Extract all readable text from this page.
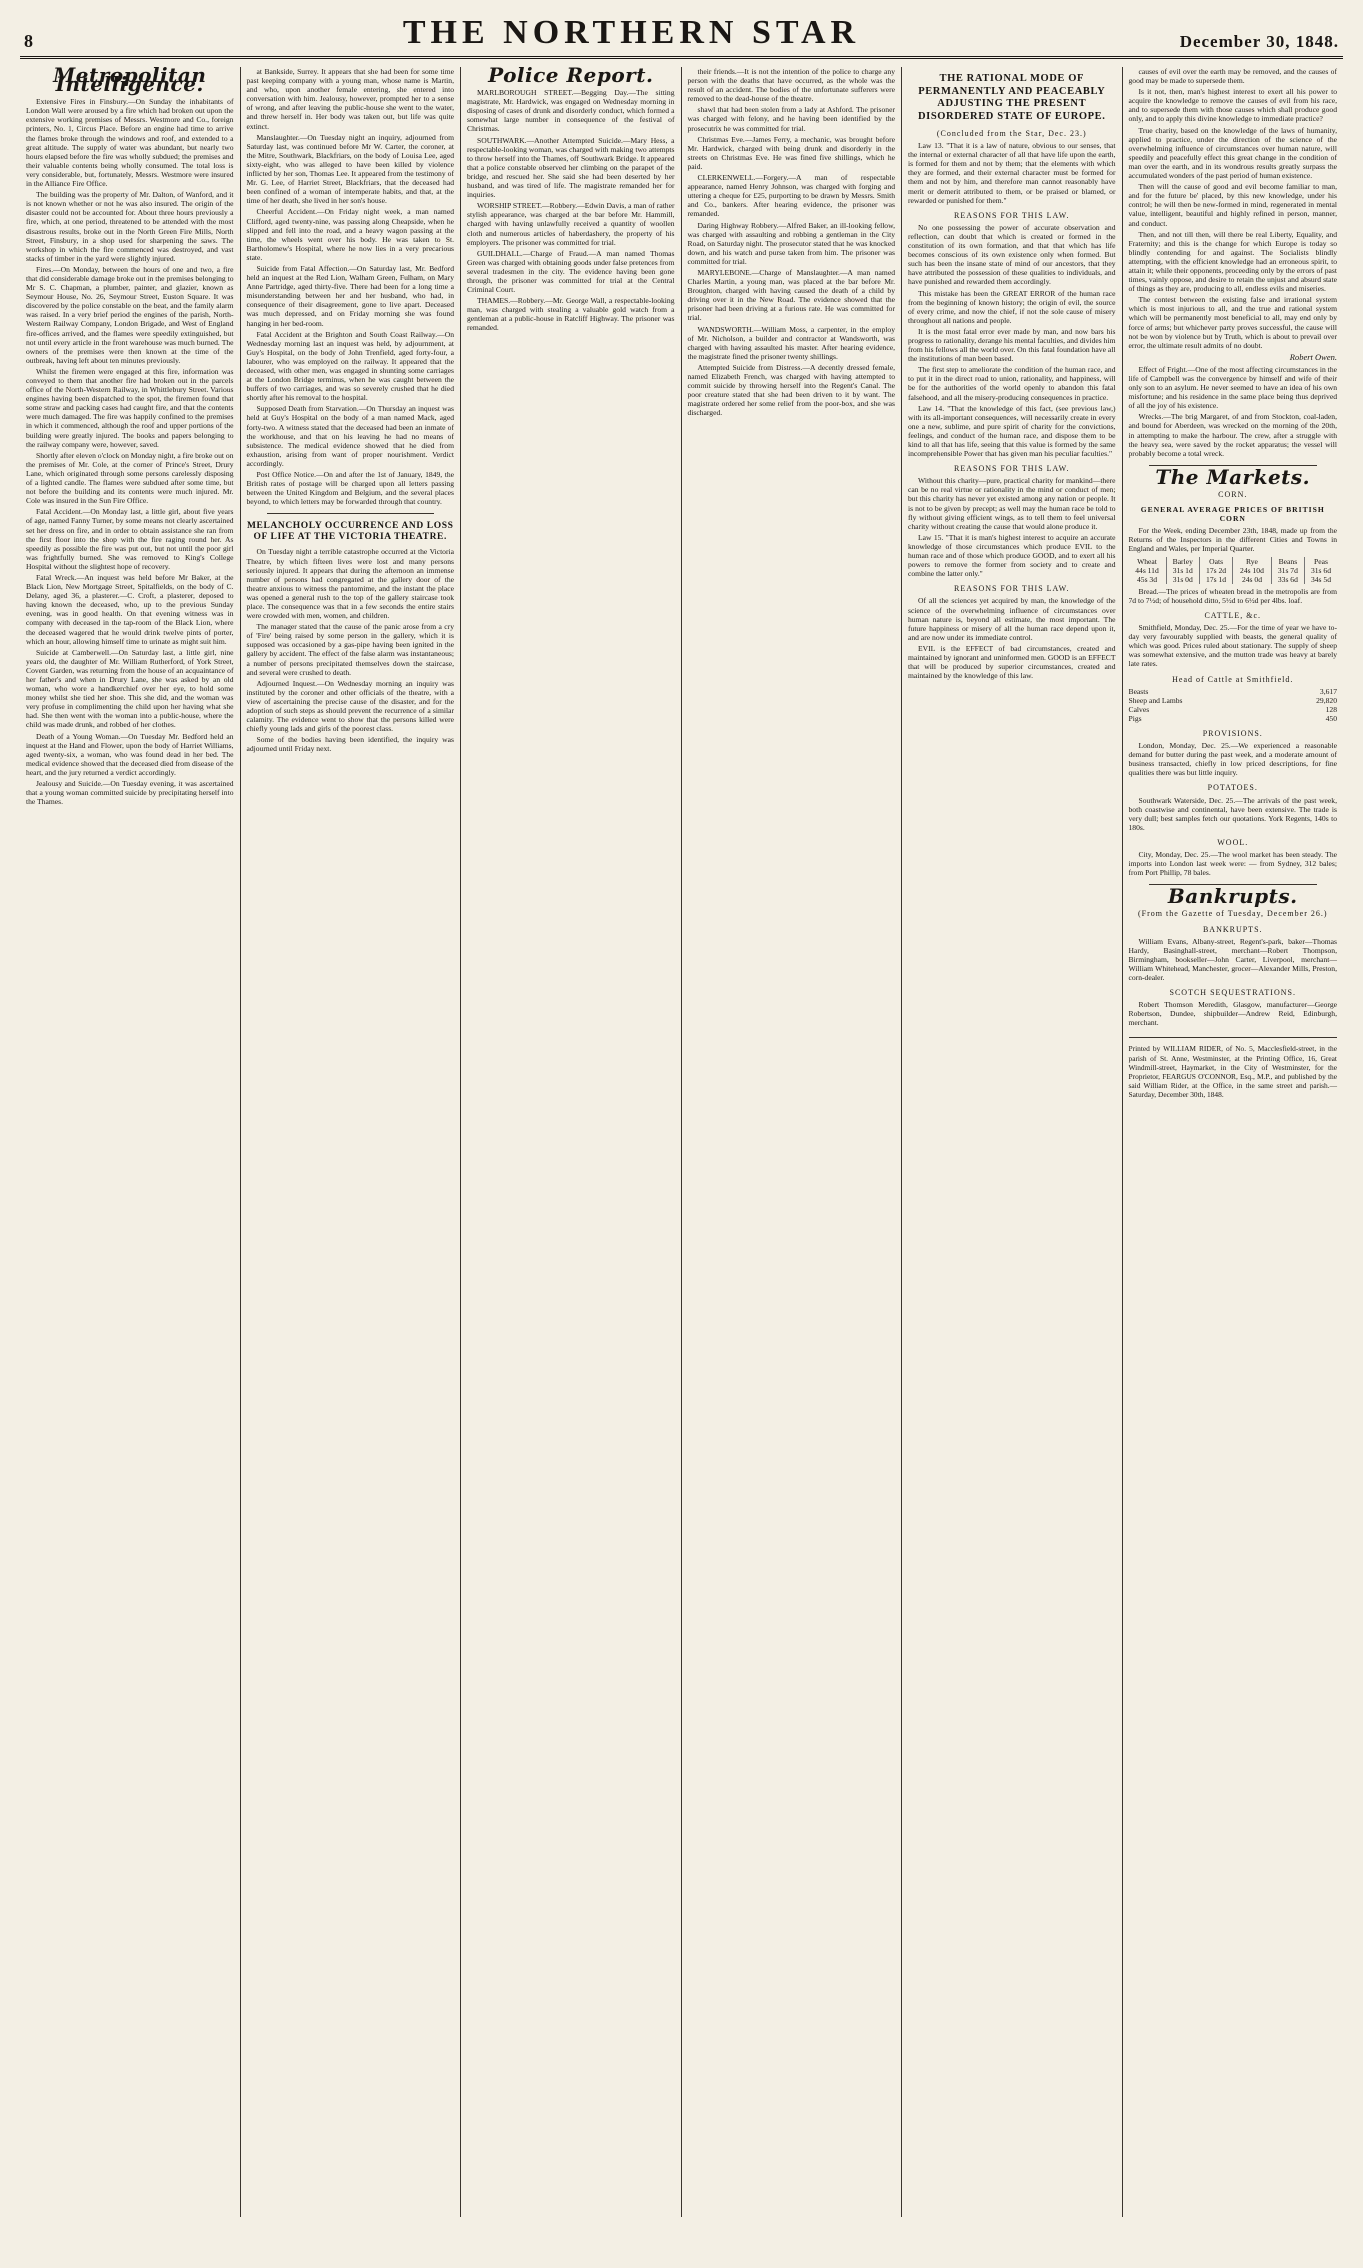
8	THE NORTHERN STAR	December 30, 1848.
Metropolitan Intelligence.

Extensive Fires in Finsbury.—On Sunday the inhabitants of London Wall were aroused by a fire which had broken out upon the extensive working premises of Messrs. Westmore and Co., foreign printers, No. 1, Circus Place. Before an engine had time to arrive the flames broke through the windows and roof, and extended to a great altitude. The supply of water was abundant, but nearly two hours elapsed before the fire was wholly subdued; the premises and their valuable contents being wholly consumed. The total loss is very considerable, but, fortunately, Messrs. Westmore were insured in the Alliance Fire Office.

The building was the property of Mr. Dalton, of Wanford, and it is not known whether or not he was also insured. The origin of the disaster could not be accounted for. About three hours previously a fire, which, at one period, threatened to be attended with the most disastrous results, broke out in the North Green Fire Mills, North Street, Finsbury, in a shop used for sharpening the saws. The workshop in which the fire commenced was destroyed, and vast stacks of timber in the yard were slightly injured.

Fires.—On Monday, between the hours of one and two, a fire that did considerable damage broke out in the premises belonging to Mr S. C. Chapman, a plumber, painter, and glazier, known as Seymour House, No. 26, Seymour Street, Euston Square. It was discovered by the police constable on the beat, and the family alarm was raised. In a very brief period the engines of the parish, North-Western Railway Company, London Brigade, and West of England fire-offices arrived, and the flames were speedily extinguished, but not until every article in the front warehouse was much burned. The owners of the premises were then known at the time of the outbreak, having left about ten minutes previously.

Whilst the firemen were engaged at this fire, information was conveyed to them that another fire had broken out in the parcels office of the North-Western Railway, in Whittlebury Street. Various engines having been dispatched to the spot, the firemen found that some straw and packing cases had caught fire, and that the contents were much damaged. The fire was happily confined to the premises in which it commenced, although the roof and upper portions of the building were greatly injured. The books and papers belonging to the railway company were, however, saved.

Shortly after eleven o'clock on Monday night, a fire broke out on the premises of Mr. Cole, at the corner of Prince's Street, Drury Lane, which originated through some persons carelessly disposing of a lighted candle. The flames were subdued after some time, but not before the building and its contents were much injured. Mr. Cole was insured in the Sun Fire Office.

Fatal Accident.—On Monday last, a little girl, about five years of age, named Fanny Turner, by some means not clearly ascertained set her dress on fire, and in order to obtain assistance she ran from the first floor into the shop with the fire raging round her. As speedily as possible the fire was put out, but not until the poor girl was frightfully burned. She was removed to King's College Hospital without the slightest hope of recovery.

Fatal Wreck.—An inquest was held before Mr Baker, at the Black Lion, New Mortgage Street, Spitalfields, on the body of C. Delany, aged 36, a plasterer.—C. Croft, a plasterer, deposed to having known the deceased, who, up to the previous Sunday evening, was in good health. On that evening witness was in company with deceased in the tap-room of the Black Lion, where the deceased wagered that he would drink twelve pints of porter, which an hour, allowing himself time to urinate as might suit him.

Suicide at Camberwell.—On Saturday last, a little girl, nine years old, the daughter of Mr. William Rutherford, of York Street, Covent Garden, was returning from the house of an acquaintance of her father's and when in Drury Lane, she was asked by an old woman, who wore a handkerchief over her eye, to hold some money whilst she tied her shoe. This she did, and the woman was very profuse in complimenting the child upon her having what she had. She then went with the woman into a public-house, where the child was made drunk, and robbed of her clothes.

Death of a Young Woman.—On Tuesday Mr. Bedford held an inquest at the Hand and Flower, upon the body of Harriet Williams, aged twenty-six, a woman, who was found dead in her bed. The medical evidence showed that the deceased died from disease of the heart, and the jury returned a verdict accordingly.

Jealousy and Suicide.—On Tuesday evening, it was ascertained that a young woman committed suicide by precipitating herself into the Thames.

at Bankside, Surrey. It appears that she had been for some time past keeping company with a young man, whose name is Martin, and who, upon another female entering, she entered into conversation with him. Jealousy, however, prompted her to a sense of wrong, and after leaving the public-house she went to the water, and threw herself in. Her body was taken out, but life was quite extinct.

Manslaughter.—On Tuesday night an inquiry, adjourned from Saturday last, was continued before Mr W. Carter, the coroner, at the Mitre, Southwark, Blackfriars, on the body of Louisa Lee, aged sixty-eight, who was alleged to have been killed by violence inflicted by her son, Thomas Lee. It appeared from the testimony of Mr. G. Lee, of Harriet Street, Blackfriars, that the deceased had been confined of a woman of intemperate habits, and that, at the time of her death, she lived in her son's house.

Cheerful Accident.—On Friday night week, a man named Clifford, aged twenty-nine, was passing along Cheapside, when he slipped and fell into the road, and a heavy wagon passing at the time, the wheels went over his body. He was taken to St. Bartholomew's Hospital, where he now lies in a very precarious state.

Suicide from Fatal Affection.—On Saturday last, Mr. Bedford held an inquest at the Red Lion, Walham Green, Fulham, on Mary Anne Partridge, aged thirty-five. There had been for a long time a misunderstanding between her and her husband, who had, in consequence of their disagreement, gone to live apart. Deceased was much depressed, and on Friday morning she was found hanging in her bed-room.

Fatal Accident at the Brighton and South Coast Railway.—On Wednesday morning last an inquest was held, by adjournment, at Guy's Hospital, on the body of John Trenfield, aged forty-four, a labourer, who was employed on the railway. It appeared that the deceased, with other men, was engaged in shunting some carriages at the London Bridge terminus, when he was caught between the buffers of two carriages, and was so severely crushed that he died shortly after his removal to the hospital.

Supposed Death from Starvation.—On Thursday an inquest was held at Guy's Hospital on the body of a man named Mack, aged forty-two. A witness stated that the deceased had been an inmate of the workhouse, and that on his leaving he had no means of subsistence. The medical evidence showed that he died from exhaustion, arising from want of proper nourishment. Verdict accordingly.

Post Office Notice.—On and after the 1st of January, 1849, the British rates of postage will be charged upon all letters passing between the United Kingdom and Belgium, and the several places beyond, to which letters may be forwarded through that country.

MELANCHOLY OCCURRENCE AND LOSS OF LIFE AT THE VICTORIA THEATRE.

On Tuesday night a terrible catastrophe occurred at the Victoria Theatre, by which fifteen lives were lost and many persons seriously injured. It appears that during the afternoon an immense number of persons had congregated at the gallery door of the theatre anxious to witness the pantomime, and the instant the place was opened a general rush to the top of the gallery staircase took place. The consequence was that in a few seconds the entire stairs were crowded with men, women, and children.

The manager stated that the cause of the panic arose from a cry of 'Fire' being raised by some person in the gallery, which it is supposed was occasioned by a gas-pipe having been ignited in the gallery by accident. The effect of the false alarm was instantaneous; a number of persons precipitated themselves down the staircase, and several were crushed to death.

Adjourned Inquest.—On Wednesday morning an inquiry was instituted by the coroner and other officials of the theatre, with a view of ascertaining the precise cause of the disaster, and for the adoption of such steps as should prevent the recurrence of a similar calamity. The evidence went to show that the persons killed were chiefly young lads and girls of the poorest class.

Some of the bodies having been identified, the inquiry was adjourned until Friday next.

Police Report.

MARLBOROUGH STREET.—Begging Day.—The sitting magistrate, Mr. Hardwick, was engaged on Wednesday morning in disposing of cases of drunk and disorderly conduct, which formed a somewhat large number in consequence of the festival of Christmas.

SOUTHWARK.—Another Attempted Suicide.—Mary Hess, a respectable-looking woman, was charged with making two attempts to throw herself into the Thames, off Southwark Bridge. It appeared that a police constable observed her climbing on the parapet of the bridge, and rescued her. She said she had been deserted by her husband, and was tired of life. The magistrate remanded her for inquiries.

WORSHIP STREET.—Robbery.—Edwin Davis, a man of rather stylish appearance, was charged at the bar before Mr. Hammill, charged with having unlawfully received a quantity of woollen cloth and numerous articles of haberdashery, the property of his employers. The prisoner was committed for trial.

GUILDHALL.—Charge of Fraud.—A man named Thomas Green was charged with obtaining goods under false pretences from several tradesmen in the city. The evidence having been gone through, the prisoner was committed for trial at the Central Criminal Court.

THAMES.—Robbery.—Mr. George Wall, a respectable-looking man, was charged with stealing a valuable gold watch from a gentleman at a public-house in Ratcliff Highway. The prisoner was remanded.

their friends.—It is not the intention of the police to charge any person with the deaths that have occurred, as the whole was the result of an accident. The bodies of the unfortunate sufferers were removed to the dead-house of the theatre.

shawl that had been stolen from a lady at Ashford. The prisoner was charged with felony, and he having been identified by the prosecutrix he was committed for trial.

Christmas Eve.—James Ferry, a mechanic, was brought before Mr. Hardwick, charged with being drunk and disorderly in the streets on Christmas Eve. He was fined five shillings, which he paid.

CLERKENWELL.—Forgery.—A man of respectable appearance, named Henry Johnson, was charged with forging and uttering a cheque for £25, purporting to be drawn by Messrs. Smith and Co., bankers. After hearing evidence, the prisoner was remanded.

Daring Highway Robbery.—Alfred Baker, an ill-looking fellow, was charged with assaulting and robbing a gentleman in the City Road, on Saturday night. The prosecutor stated that he was knocked down, and his watch and purse taken from him. The prisoner was committed for trial.

MARYLEBONE.—Charge of Manslaughter.—A man named Charles Martin, a young man, was placed at the bar before Mr. Broughton, charged with having caused the death of a child by driving over it in the New Road. The evidence showed that the prisoner had been driving at a furious rate. He was committed for trial.

WANDSWORTH.—William Moss, a carpenter, in the employ of Mr. Nicholson, a builder and contractor at Wandsworth, was charged with having assaulted his master. After hearing evidence, the magistrate fined the prisoner twenty shillings.

Attempted Suicide from Distress.—A decently dressed female, named Elizabeth French, was charged with having attempted to commit suicide by throwing herself into the Regent's Canal. The poor creature stated that she had been driven to it by want. The magistrate ordered her some relief from the poor-box, and she was discharged.

THE RATIONAL MODE OF PERMANENTLY AND PEACEABLY ADJUSTING THE PRESENT DISORDERED STATE OF EUROPE.
(Concluded from the Star, Dec. 23.)

Law 13. "That it is a law of nature, obvious to our senses, that the internal or external character of all that have life upon the earth, is formed for them and not by them; that the elements with which they are formed, and their external character must be formed for them and not by him, and therefore man cannot reasonably have merit or demerit attributed to them, or be praised or blamed, or rewarded or punished for them."

REASONS FOR THIS LAW.

No one possessing the power of accurate observation and reflection, can doubt that which is created or formed in the constitution of its own formation, and that that which has life becomes conscious of its own existence only when formed. But such has been the insane state of mind of our ancestors, that they have attributed the possession of these qualities to individuals, and have punished and rewarded them accordingly.

This mistake has been the GREAT ERROR of the human race from the beginning of known history; the origin of evil, the source of every crime, and now the chief, if not the sole cause of misery throughout all nations and people.

It is the most fatal error ever made by man, and now bars his progress to rationality, derange his mental faculties, and divides him from his fellows all the world over. On this fatal foundation have all the institutions of man been based.

The first step to ameliorate the condition of the human race, and to put it in the direct road to union, rationality, and happiness, will be for the authorities of the world openly to abandon this fatal falsehood, and all the misery-producing consequences in practice.

Law 14. "That the knowledge of this fact, (see previous law,) with its all-important consequences, will necessarily create in every one a new, sublime, and pure spirit of charity for the convictions, feelings, and conduct of the human race, and dispose them to be kind to all that has life, seeing that this value is formed by the same incomprehensible Power that has given man his peculiar faculties."

REASONS FOR THIS LAW.

Without this charity—pure, practical charity for mankind—there can be no real virtue or rationality in the mind or conduct of men; but this charity has never yet existed among any nation or people. It is not to be given by precept; as well may the human race be told to fly without giving efficient wings, as to tell them to feel universal charity without creating the cause that would alone produce it.

Law 15. "That it is man's highest interest to acquire an accurate knowledge of those circumstances which produce EVIL to the human race and of those which produce GOOD, and to exert all his powers to remove the former from society and to create and combine the latter only."

REASONS FOR THIS LAW.

Of all the sciences yet acquired by man, the knowledge of the science of the overwhelming influence of circumstances over human nature is, beyond all estimate, the most important. The future happiness or misery of all the human race depend upon it, and are now under its immediate control.

EVIL is the EFFECT of bad circumstances, created and maintained by ignorant and uninformed men. GOOD is an EFFECT that will be produced by superior circumstances, created and maintained by the knowledge of this law.

causes of evil over the earth may be removed, and the causes of good may be made to supersede them.

Is it not, then, man's highest interest to exert all his power to acquire the knowledge to remove the causes of evil from his race, and to supersede them with those causes which shall produce good only, and to apply this divine knowledge to immediate practice?

True charity, based on the knowledge of the laws of humanity, applied to practice, under the direction of the science of the overwhelming influence of circumstances over human nature, will speedily and peacefully effect this great change in the condition of man over the earth, and in its wondrous results greatly surpass the accumulated wonders of the past period of human existence.

Then will the cause of good and evil become familiar to man, and for the future be' placed, by this new knowledge, under his control; he will then be new-formed in mind, regenerated in mental value, intelligent, beautiful and highly refined in person, manner, and conduct.

Then, and not till then, will there be real Liberty, Equality, and Fraternity; and this is the change for which Europe is today so blindly contending for and against. The Socialists blindly attempting, with the efficient knowledge had an erroneous spirit, to attain it; while their opponents, proceeding only by the errors of past times, vainly oppose, and desire to retain the unjust and absurd state of things as they are, producing to all, endless evils and miseries.

The contest between the existing false and irrational system which is most injurious to all, and the true and rational system which will be permanently most beneficial to all, may end only by force of arms; but whichever party proves successful, the cause will not be won by violence but by Truth, which is about to prevail over error, the ultimate result admits of no doubt.

Robert Owen.

Effect of Fright.—One of the most affecting circumstances in the life of Campbell was the convergence by himself and wife of their only son to an asylum. He never seemed to have an idea of his own misfortune; and his residence in the same place being thus deprived of all the joy of his existence.

Wrecks.—The brig Margaret, of and from Stockton, coal-laden, and bound for Aberdeen, was wrecked on the morning of the 20th, in attempting to make the harbour. The crew, after a struggle with the heavy sea, were saved by the rocket apparatus; the vessel will probably become a total wreck.

The Markets.
CORN.
GENERAL AVERAGE PRICES OF BRITISH CORN

For the Week, ending December 23th, 1848, made up from the Returns of the Inspectors in the different Cities and Towns in England and Wales, per Imperial Quarter.

Wheat	Barley	Oats	Rye	Beans	Peas
44s 11d	31s 1d	17s 2d	24s 10d	31s 7d	31s 6d
45s 3d	31s 0d	17s 1d	24s 0d	33s 6d	34s 5d

Bread.—The prices of wheaten bread in the metropolis are from 7d to 7½d; of household ditto, 5½d to 6½d per 4lbs. loaf.

CATTLE, &c.

Smithfield, Monday, Dec. 25.—For the time of year we have to-day very favourably supplied with beasts, the general quality of which was good. Prices ruled about stationary. The supply of sheep was somewhat extensive, and the mutton trade was heavy at barely late rates.

Head of Cattle at Smithfield.
Beasts	3,617
Sheep and Lambs	29,820
Calves	128
Pigs	450
PROVISIONS.

London, Monday, Dec. 25.—We experienced a reasonable demand for butter during the past week, and a moderate amount of business transacted, chiefly in low priced descriptions, for fine qualities there was but little inquiry.

POTATOES.

Southwark Waterside, Dec. 25.—The arrivals of the past week, both coastwise and continental, have been extensive. The trade is very dull; best samples fetch our quotations. York Regents, 140s to 180s.

WOOL.

City, Monday, Dec. 25.—The wool market has been steady. The imports into London last week were: — from Sydney, 312 bales; from Port Phillip, 78 bales.

Bankrupts.
(From the Gazette of Tuesday, December 26.)
BANKRUPTS.

William Evans, Albany-street, Regent's-park, baker—Thomas Hardy, Basinghall-street, merchant—Robert Thompson, Birmingham, bookseller—John Carter, Liverpool, merchant—William Whitehead, Manchester, grocer—Alexander Mills, Preston, corn-dealer.

SCOTCH SEQUESTRATIONS.

Robert Thomson Meredith, Glasgow, manufacturer—George Robertson, Dundee, shipbuilder—Andrew Reid, Edinburgh, merchant.

Printed by WILLIAM RIDER, of No. 5, Macclesfield-street, in the parish of St. Anne, Westminster, at the Printing Office, 16, Great Windmill-street, Haymarket, in the City of Westminster, for the Proprietor, FEARGUS O'CONNOR, Esq., M.P., and published by the said William Rider, at the Office, in the same street and parish.—Saturday, December 30th, 1848.
